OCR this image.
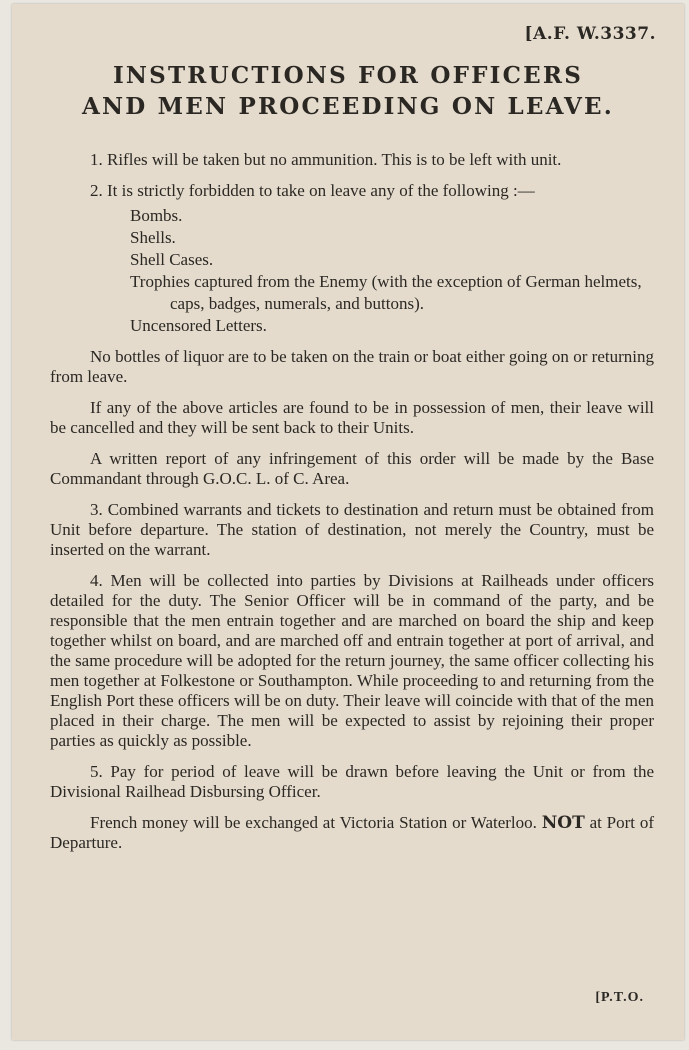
[A.F. W.3337.
INSTRUCTIONS FOR OFFICERS
AND MEN PROCEEDING ON LEAVE.

1. Rifles will be taken but no ammunition. This is to be left with unit.

2. It is strictly forbidden to take on leave any of the following :—

Bombs.
Shells.
Shell Cases.
Trophies captured from the Enemy (with the exception of German helmets, caps, badges, numerals, and buttons).
Uncensored Letters.

No bottles of liquor are to be taken on the train or boat either going on or returning from leave.

If any of the above articles are found to be in possession of men, their leave will be cancelled and they will be sent back to their Units.

A written report of any infringement of this order will be made by the Base Commandant through G.O.C. L. of C. Area.

3. Combined warrants and tickets to destination and return must be obtained from Unit before departure. The station of destination, not merely the Country, must be inserted on the warrant.

4. Men will be collected into parties by Divisions at Railheads under officers detailed for the duty. The Senior Officer will be in command of the party, and be responsible that the men entrain together and are marched on board the ship and keep together whilst on board, and are marched off and entrain together at port of arrival, and the same procedure will be adopted for the return journey, the same officer collecting his men together at Folkestone or Southampton. While proceeding to and returning from the English Port these officers will be on duty. Their leave will coincide with that of the men placed in their charge. The men will be expected to assist by rejoining their proper parties as quickly as possible.

5. Pay for period of leave will be drawn before leaving the Unit or from the Divisional Railhead Disbursing Officer.

French money will be exchanged at Victoria Station or Waterloo. NOT at Port of Departure.

[P.T.O.
